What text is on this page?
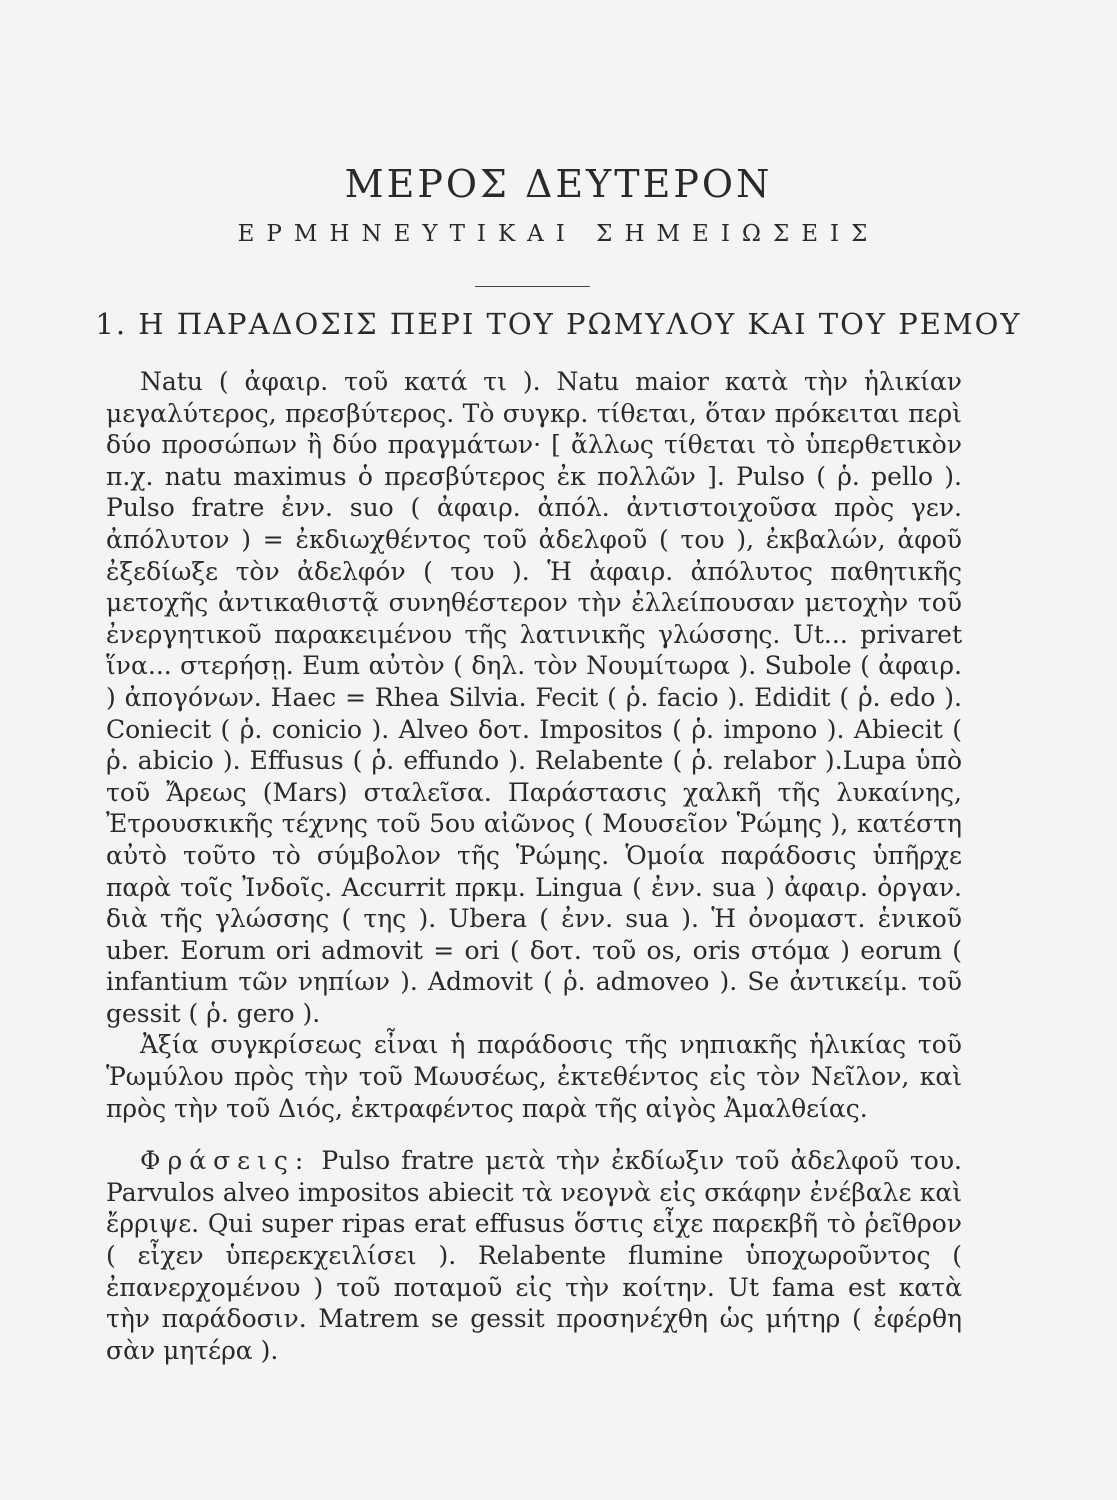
ΜΕΡΟΣ ΔΕΥΤΕΡΟΝ
ΕΡΜΗΝΕΥΤΙΚΑΙ ΣΗΜΕΙΩΣΕΙΣ
1. Η ΠΑΡΑΔΟΣΙΣ ΠΕΡΙ ΤΟΥ ΡΩΜΥΛΟΥ ΚΑΙ ΤΟΥ ΡΕΜΟΥ

Natu ( ἀφαιρ. τοῦ κατά τι ). Natu maior κατὰ τὴν ἡλικίαν μεγαλύτερος, πρεσβύτερος. Τὸ συγκρ. τίθεται, ὅταν πρόκειται περὶ δύο προσώπων ἢ δύο πραγμάτων· [ ἄλλως τίθεται τὸ ὑπερθετικὸν π.χ. natu maximus ὁ πρεσβύτερος ἐκ πολλῶν ]. Pulso ( ῥ. pello ). Pulso fratre ἐνν. suo ( ἀφαιρ. ἀπόλ. ἀντιστοιχοῦσα πρὸς γεν. ἀπόλυτον ) = ἐκδιωχθέντος τοῦ ἀδελφοῦ ( του ), ἐκβαλών, ἀφοῦ ἐξεδίωξε τὸν ἀδελφόν ( του ). Ἡ ἀφαιρ. ἀπόλυτος παθητικῆς μετοχῆς ἀντικαθιστᾷ συνηθέστερον τὴν ἐλλείπουσαν μετοχὴν τοῦ ἐνεργητικοῦ παρακειμένου τῆς λατινικῆς γλώσσης. Ut... privaret ἵνα... στερήσῃ. Eum αὐτὸν ( δηλ. τὸν Νουμίτωρα ). Subole ( ἀφαιρ. ) ἀπογόνων. Haec = Rhea Silvia. Fecit ( ῥ. facio ). Edidit ( ῥ. edo ). Coniecit ( ῥ. conicio ). Alveo δοτ. Impositos ( ῥ. impono ). Abiecit ( ῥ. abicio ). Effusus ( ῥ. effundo ). Relabente ( ῥ. relabor ).Lupa ὑπὸ τοῦ Ἄρεως (Mars) σταλεῖσα. Παράστασις χαλκῆ τῆς λυκαίνης, Ἐτρουσκικῆς τέχνης τοῦ 5ου αἰῶνος ( Μουσεῖον Ῥώμης ), κατέστη αὐτὸ τοῦτο τὸ σύμβολον τῆς Ῥώμης. Ὁμοία παράδοσις ὑπῆρχε παρὰ τοῖς Ἰνδοῖς. Accurrit πρκμ. Lingua ( ἐνν. sua ) ἀφαιρ. ὀργαν. διὰ τῆς γλώσσης ( της ). Ubera ( ἐνν. sua ). Ἡ ὀνομαστ. ἑνικοῦ uber. Eorum ori admovit = ori ( δοτ. τοῦ os, oris στόμα ) eorum ( infantium τῶν νηπίων ). Admovit ( ῥ. admoveo ). Se ἀντικείμ. τοῦ gessit ( ῥ. gero ).

Ἀξία συγκρίσεως εἶναι ἡ παράδοσις τῆς νηπιακῆς ἡλικίας τοῦ Ῥωμύλου πρὸς τὴν τοῦ Μωυσέως, ἐκτεθέντος εἰς τὸν Νεῖλον, καὶ πρὸς τὴν τοῦ Διός, ἐκτραφέντος παρὰ τῆς αἰγὸς Ἀμαλθείας.

Φράσεις: Pulso fratre μετὰ τὴν ἐκδίωξιν τοῦ ἀδελφοῦ του. Parvulos alveo impositos abiecit τὰ νεογνὰ εἰς σκάφην ἐνέβαλε καὶ ἔρριψε. Qui super ripas erat effusus ὅστις εἶχε παρεκβῆ τὸ ῥεῖθρον ( εἶχεν ὑπερεκχειλίσει ). Relabente flumine ὑποχωροῦντος ( ἐπανερχομένου ) τοῦ ποταμοῦ εἰς τὴν κοίτην. Ut fama est κατὰ τὴν παράδοσιν. Matrem se gessit προσηνέχθη ὡς μήτηρ ( ἐφέρθη σὰν μητέρα ).
